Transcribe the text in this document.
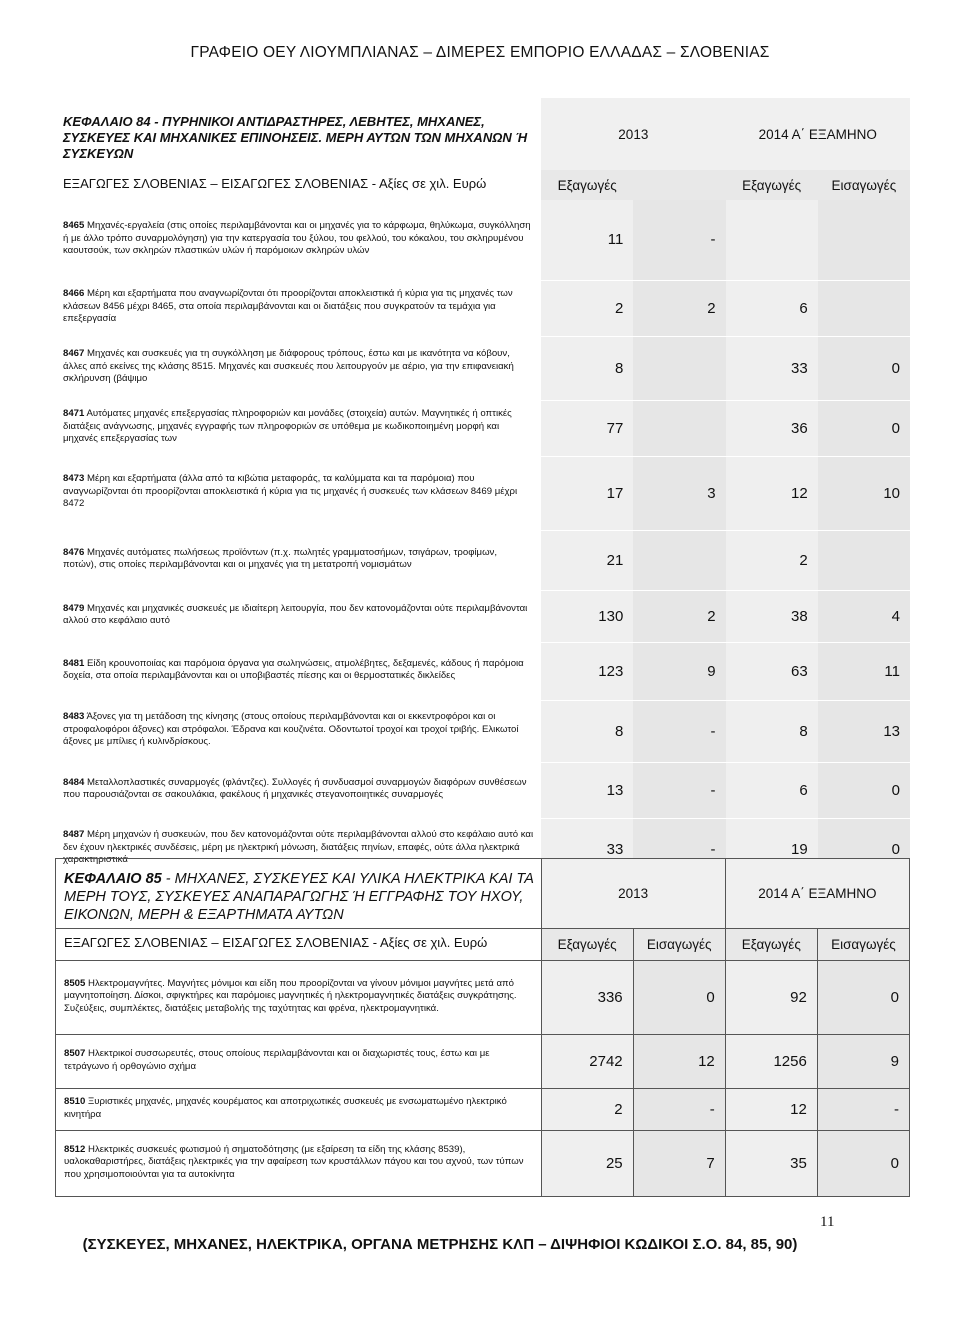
ΓΡΑΦΕΙΟ ΟΕΥ ΛΙΟΥΜΠΛΙΑΝΑΣ – ΔΙΜΕΡΕΣ ΕΜΠΟΡΙΟ ΕΛΛΑΔΑΣ – ΣΛΟΒΕΝΙΑΣ
ΚΕΦΑΛΑΙΟ 84 - ΠΥΡΗΝΙΚΟΙ ΑΝΤΙΔΡΑΣΤΗΡΕΣ, ΛΕΒΗΤΕΣ, ΜΗΧΑΝΕΣ, ΣΥΣΚΕΥΕΣ ΚΑΙ ΜΗΧΑΝΙΚΕΣ ΕΠΙΝΟΗΣΕΙΣ. ΜΕΡΗ ΑΥΤΩΝ ΤΩΝ ΜΗΧΑΝΩΝ Ή ΣΥΣΚΕΥΩΝ	2013		2014 Α΄ ΕΞΑΜΗΝΟ	
ΕΞΑΓΩΓΕΣ ΣΛΟΒΕΝΙΑΣ – ΕΙΣΑΓΩΓΕΣ ΣΛΟΒΕΝΙΑΣ - Αξίες σε χιλ. Ευρώ	Εξαγωγές		Εξαγωγές	Εισαγωγές
8465 Μηχανές-εργαλεία (στις οποίες περιλαμβάνονται και οι μηχανές για το κάρφωμα, θηλύκωμα, συγκόλληση ή με άλλο τρόπο συναρμολόγηση) για την κατεργασία του ξύλου, του φελλού, του κόκαλου, του σκληρυμένου καουτσούκ, των σκληρών πλαστικών υλών ή παρόμοιων σκληρών υλών	11	-		
8466 Μέρη και εξαρτήματα που αναγνωρίζονται ότι προορίζονται αποκλειστικά ή κύρια για τις μηχανές των κλάσεων 8456 μέχρι 8465, στα οποία περιλαμβάνονται και οι διατάξεις που συγκρατούν τα τεμάχια για επεξεργασία	2	2	6	
8467 Μηχανές και συσκευές για τη συγκόλληση με διάφορους τρόπους, έστω και με ικανότητα να κόβουν, άλλες από εκείνες της κλάσης 8515. Μηχανές και συσκευές που λειτουργούν με αέριο, για την επιφανειακή σκλήρυνση (βάψιμο	8		33	0
8471 Αυτόματες μηχανές επεξεργασίας πληροφοριών και μονάδες (στοιχεία) αυτών. Μαγνητικές ή οπτικές διατάξεις ανάγνωσης, μηχανές εγγραφής των πληροφοριών σε υπόθεμα με κωδικοποιημένη μορφή και μηχανές επεξεργασίας των	77		36	0
8473 Μέρη και εξαρτήματα (άλλα από τα κιβώτια μεταφοράς, τα καλύμματα και τα παρόμοια) που αναγνωρίζονται ότι προορίζονται αποκλειστικά ή κύρια για τις μηχανές ή συσκευές των κλάσεων 8469 μέχρι 8472	17	3	12	10
8476 Μηχανές αυτόματες πωλήσεως προϊόντων (π.χ. πωλητές γραμματοσήμων, τσιγάρων, τροφίμων, ποτών), στις οποίες περιλαμβάνονται και οι μηχανές για τη μετατροπή νομισμάτων	21		2	
8479 Μηχανές και μηχανικές συσκευές με ιδιαίτερη λειτουργία, που δεν κατονομάζονται ούτε περιλαμβάνονται αλλού στο κεφάλαιο αυτό	130	2	38	4
8481 Είδη κρουνοποιίας και παρόμοια όργανα για σωληνώσεις, ατμολέβητες, δεξαμενές, κάδους ή παρόμοια δοχεία, στα οποία περιλαμβάνονται και οι υποβιβαστές πίεσης και οι θερμοστατικές δικλείδες	123	9	63	11
8483 Άξονες για τη μετάδοση της κίνησης (στους οποίους περιλαμβάνονται και οι εκκεντροφόροι και οι στροφαλοφόροι άξονες) και στρόφαλοι. Έδρανα και κουζινέτα. Οδοντωτοί τροχοί και τροχοί τριβής. Ελικωτοί άξονες με μπίλιες ή κυλινδρίσκους.	8	-	8	13
8484 Μεταλλοπλαστικές συναρμογές (φλάντζες). Συλλογές ή συνδυασμοί συναρμογών διαφόρων συνθέσεων που παρουσιάζονται σε σακουλάκια, φακέλους ή μηχανικές στεγανοποιητικές συναρμογές	13	-	6	0
8487 Μέρη μηχανών ή συσκευών, που δεν κατονομάζονται ούτε περιλαμβάνονται αλλού στο κεφάλαιο αυτό και δεν έχουν ηλεκτρικές συνδέσεις, μέρη με ηλεκτρική μόνωση, διατάξεις πηνίων, επαφές, ούτε άλλα ηλεκτρικά χαρακτηριστικά	33	-	19	0
ΚΕΦΑΛΑΙΟ 85 - ΜΗΧΑΝΕΣ, ΣΥΣΚΕΥΕΣ ΚΑΙ ΥΛΙΚΑ ΗΛΕΚΤΡΙΚΑ ΚΑΙ ΤΑ ΜΕΡΗ ΤΟΥΣ, ΣΥΣΚΕΥΕΣ ΑΝΑΠΑΡΑΓΩΓΗΣ Ή ΕΓΓΡΑΦΗΣ ΤΟΥ ΗΧΟΥ, ΕΙΚΟΝΩΝ, ΜΕΡΗ & ΕΞΑΡΤΗΜΑΤΑ ΑΥΤΩΝ	2013		2014 Α΄ ΕΞΑΜΗΝΟ	
ΕΞΑΓΩΓΕΣ ΣΛΟΒΕΝΙΑΣ – ΕΙΣΑΓΩΓΕΣ ΣΛΟΒΕΝΙΑΣ - Αξίες σε χιλ. Ευρώ	Εξαγωγές	Εισαγωγές	Εξαγωγές	Εισαγωγές
8505 Ηλεκτρομαγνήτες. Μαγνήτες μόνιμοι και είδη που προορίζονται να γίνουν μόνιμοι μαγνήτες μετά από μαγνητοποίηση. Δίσκοι, σφιγκτήρες και παρόμοιες μαγνητικές ή ηλεκτρομαγνητικές διατάξεις συγκράτησης. Συζεύξεις, συμπλέκτες, διατάξεις μεταβολής της ταχύτητας και φρένα, ηλεκτρομαγνητικά.	336	0	92	0
8507 Ηλεκτρικοί συσσωρευτές, στους οποίους περιλαμβάνονται και οι διαχωριστές τους, έστω και με τετράγωνο ή ορθογώνιο σχήμα	2742	12	1256	9
8510 Ξυριστικές μηχανές, μηχανές κουρέματος και αποτριχωτικές συσκευές με ενσωματωμένο ηλεκτρικό κινητήρα	2	-	12	-
8512 Ηλεκτρικές συσκευές φωτισμού ή σηματοδότησης (με εξαίρεση τα είδη της κλάσης 8539), υαλοκαθαριστήρες, διατάξεις ηλεκτρικές για την αφαίρεση των κρυστάλλων πάγου και του αχνού, των τύπων που χρησιμοποιούνται για τα αυτοκίνητα	25	7	35	0
11
(ΣΥΣΚΕΥΕΣ, ΜΗΧΑΝΕΣ, ΗΛΕΚΤΡΙΚΑ, ΟΡΓΑΝΑ ΜΕΤΡΗΣΗΣ ΚΛΠ – ΔΙΨΗΦΙΟΙ ΚΩΔΙΚΟΙ Σ.Ο. 84, 85, 90)
